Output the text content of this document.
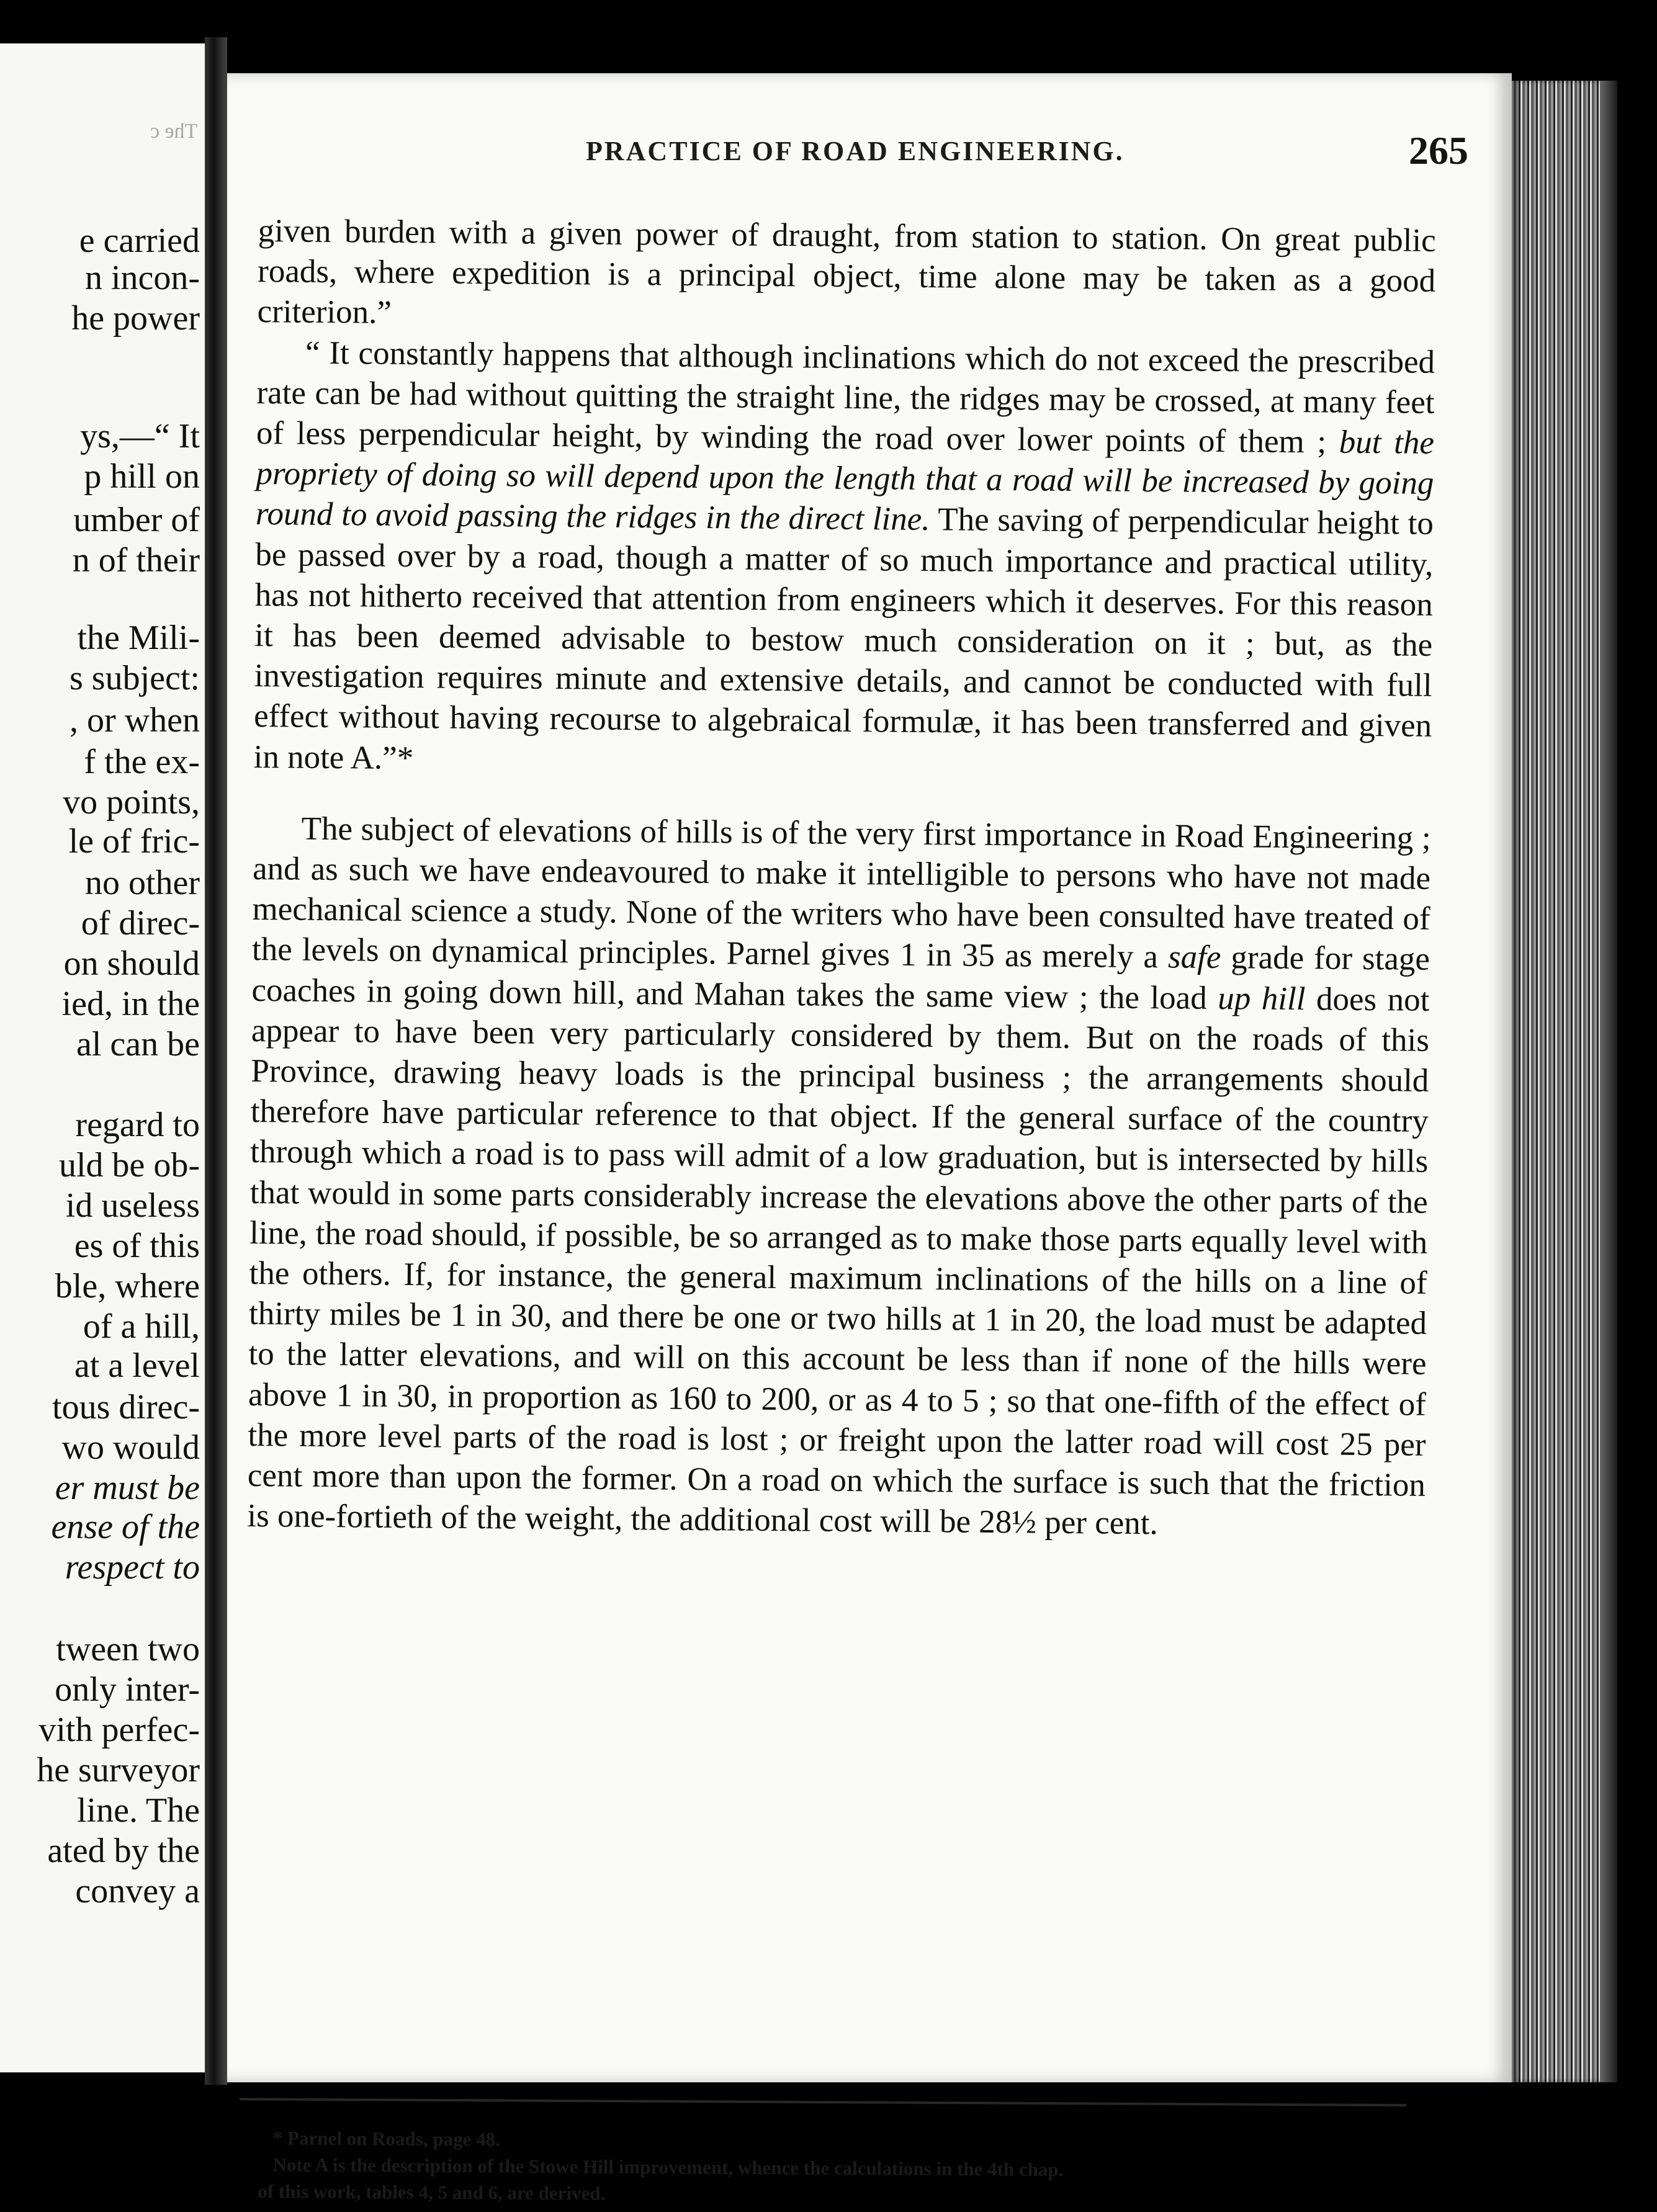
e carried
n incon-
he power
ys,—“ It
p hill on
umber of
n of their
the Mili-
s subject:
, or when
f the ex-
vo points,
le of fric-
no other
of direc-
on should
ied, in the
al can be
regard to
uld be ob-
id useless
es of this
ble, where
of a hill,
at a level
tous direc-
wo would
er must be
ense of the
respect to
tween two
only inter-
vith perfec-
he surveyor
line. The
ated by the
convey a
The c
PRACTICE OF ROAD ENGINEERING.	265

given burden with a given power of draught, from station to station. On great public roads, where expedition is a principal object, time alone may be taken as a good criterion.”

“ It constantly happens that although inclinations which do not exceed the prescribed rate can be had without quitting the straight line, the ridges may be crossed, at many feet of less perpendicular height, by winding the road over lower points of them ; but the propriety of doing so will depend upon the length that a road will be increased by going round to avoid passing the ridges in the direct line. The saving of perpendicular height to be passed over by a road, though a matter of so much importance and practical utility, has not hitherto received that attention from engineers which it deserves. For this reason it has been deemed advisable to bestow much consideration on it ; but, as the investigation requires minute and extensive details, and cannot be conducted with full effect without having recourse to algebraical formulæ, it has been transferred and given in note A.”*

The subject of elevations of hills is of the very first importance in Road Engineering ; and as such we have endeavoured to make it intelligible to persons who have not made mechanical science a study. None of the writers who have been consulted have treated of the levels on dynamical principles. Parnel gives 1 in 35 as merely a safe grade for stage coaches in going down hill, and Mahan takes the same view ; the load up hill does not appear to have been very particularly considered by them. But on the roads of this Province, drawing heavy loads is the principal business ; the arrangements should therefore have particular reference to that object. If the general surface of the country through which a road is to pass will admit of a low graduation, but is intersected by hills that would in some parts considerably increase the elevations above the other parts of the line, the road should, if possible, be so arranged as to make those parts equally level with the others. If, for instance, the general maximum inclinations of the hills on a line of thirty miles be 1 in 30, and there be one or two hills at 1 in 20, the load must be adapted to the latter elevations, and will on this account be less than if none of the hills were above 1 in 30, in proportion as 160 to 200, or as 4 to 5 ; so that one-fifth of the effect of the more level parts of the road is lost ; or freight upon the latter road will cost 25 per cent more than upon the former. On a road on which the surface is such that the friction is one-fortieth of the weight, the additional cost will be 28½ per cent.

* Parnel on Roads, page 48.

Note A is the description of the Stowe Hill improvement, whence the calculations in the 4th chap.

of this work, tables 4, 5 and 6, are derived.
